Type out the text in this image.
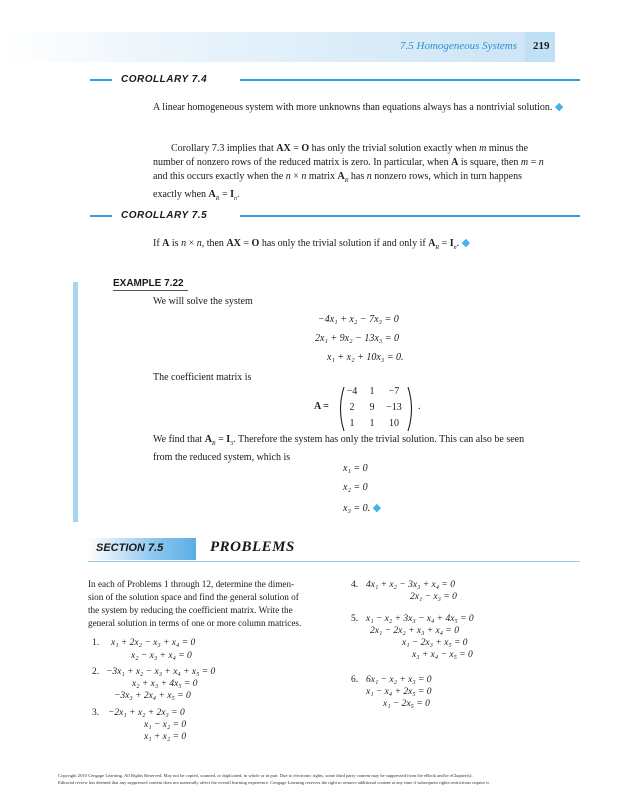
7.5 Homogeneous Systems 219
COROLLARY 7.4
A linear homogeneous system with more unknowns than equations always has a nontrivial solution. ◆
Corollary 7.3 implies that AX = O has only the trivial solution exactly when m minus the
number of nonzero rows of the reduced matrix is zero. In particular, when A is square, then m = n
and this occurs exactly when the n × n matrix $A_R$ has n nonzero rows, which in turn happens
exactly when $A_R = I_n$.
COROLLARY 7.5
If A is n × n, then AX = O has only the trivial solution if and only if $A_R = I_n$. ◆
EXAMPLE 7.22
We will solve the system
−4x₁ + x₂ − 7x₃ = 0
2x₁ + 9x₂ − 13x₃ = 0
x₁ + x₂ + 10x₃ = 0.
The coefficient matrix is
A =
−4	1	−7
2	9	−13
1	1	10
.
We find that $A_R = I_3$. Therefore the system has only the trivial solution. This can also be seen
from the reduced system, which is
x₁ = 0
x₂ = 0
x₃ = 0. ◆
SECTION 7.5	PROBLEMS
In each of Problems 1 through 12, determine the dimen-
sion of the solution space and find the general solution of
the system by reducing the coefficient matrix. Write the
general solution in terms of one or more column matrices.
1. x₁ + 2x₂ − x₃ + x₄ = 0
x₂ − x₃ + x₄ = 0
2. −3x₁ + x₂ − x₃ + x₄ + x₅ = 0
x₂ + x₃ + 4x₅ = 0
−3x₃ + 2x₄ + x₅ = 0
3. −2x₁ + x₂ + 2x₃ = 0
x₁ − x₂ = 0
x₁ + x₂ = 0
4. 4x₁ + x₂ − 3x₃ + x₄ = 0
2x₁ − x₃ = 0
5. x₁ − x₂ + 3x₃ − x₄ + 4x₅ = 0
2x₁ − 2x₂ + x₃ + x₄ = 0
x₁ − 2x₃ + x₅ = 0
x₃ + x₄ − x₅ = 0
6. 6x₁ − x₂ + x₃ = 0
x₁ − x₄ + 2x₅ = 0
x₁ − 2x₅ = 0
Copyright 2010 Cengage Learning. All Rights Reserved. May not be copied, scanned, or duplicated, in whole or in part. Due to electronic rights, some third party content may be suppressed from the eBook and/or eChapter(s).
Editorial review has deemed that any suppressed content does not materially affect the overall learning experience. Cengage Learning reserves the right to remove additional content at any time if subsequent rights restrictions require it.
